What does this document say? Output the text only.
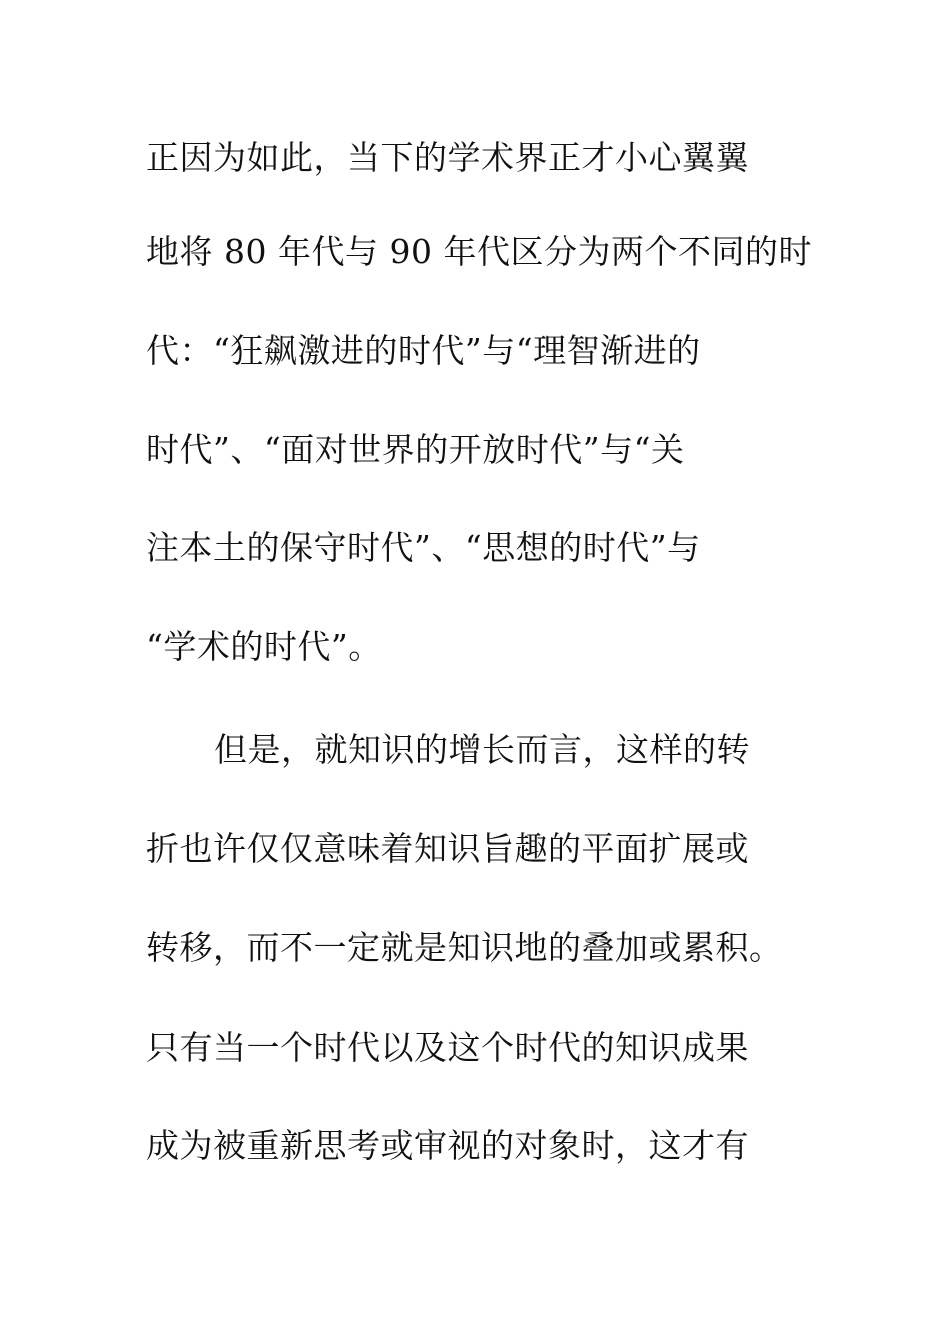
正因为如此，当下的学术界正才小心翼翼
地将 80 年代与 90 年代区分为两个不同的时
代：“狂飙激进的时代”与“理智渐进的
时代”、“面对世界的开放时代”与“关
注本土的保守时代”、“思想的时代”与
“学术的时代”。
但是，就知识的增长而言，这样的转
折也许仅仅意味着知识旨趣的平面扩展或
转移，而不一定就是知识地的叠加或累积。
只有当一个时代以及这个时代的知识成果
成为被重新思考或审视的对象时，这才有
